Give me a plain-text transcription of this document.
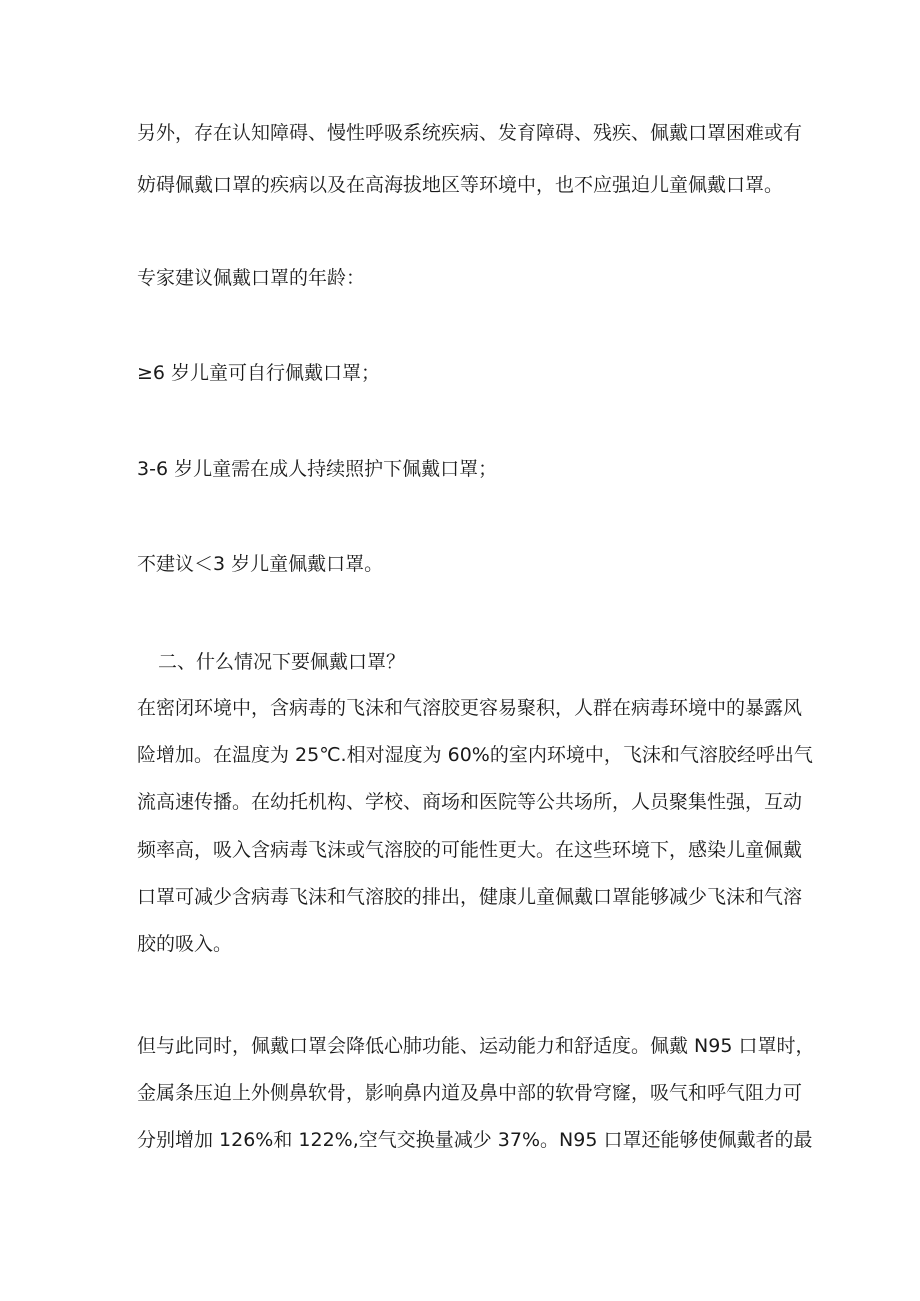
另外，存在认知障碍、慢性呼吸系统疾病、发育障碍、残疾、佩戴口罩困难或有

妨碍佩戴口罩的疾病以及在高海拔地区等环境中，也不应强迫儿童佩戴口罩。

专家建议佩戴口罩的年龄：

≥6 岁儿童可自行佩戴口罩；

3-6 岁儿童需在成人持续照护下佩戴口罩；

不建议＜3 岁儿童佩戴口罩。

二、什么情况下要佩戴口罩？

在密闭环境中，含病毒的飞沫和气溶胶更容易聚积，人群在病毒环境中的暴露风

险增加。在温度为 25℃.相对湿度为 60%的室内环境中，飞沫和气溶胶经呼出气

流高速传播。在幼托机构、学校、商场和医院等公共场所，人员聚集性强，互动

频率高，吸入含病毒飞沫或气溶胶的可能性更大。在这些环境下，感染儿童佩戴

口罩可减少含病毒飞沫和气溶胶的排出，健康儿童佩戴口罩能够减少飞沫和气溶

胶的吸入。

但与此同时，佩戴口罩会降低心肺功能、运动能力和舒适度。佩戴 N95 口罩时，

金属条压迫上外侧鼻软骨，影响鼻内道及鼻中部的软骨穹窿，吸气和呼气阻力可

分别增加 126%和 122%,空气交换量减少 37%。N95 口罩还能够使佩戴者的最
